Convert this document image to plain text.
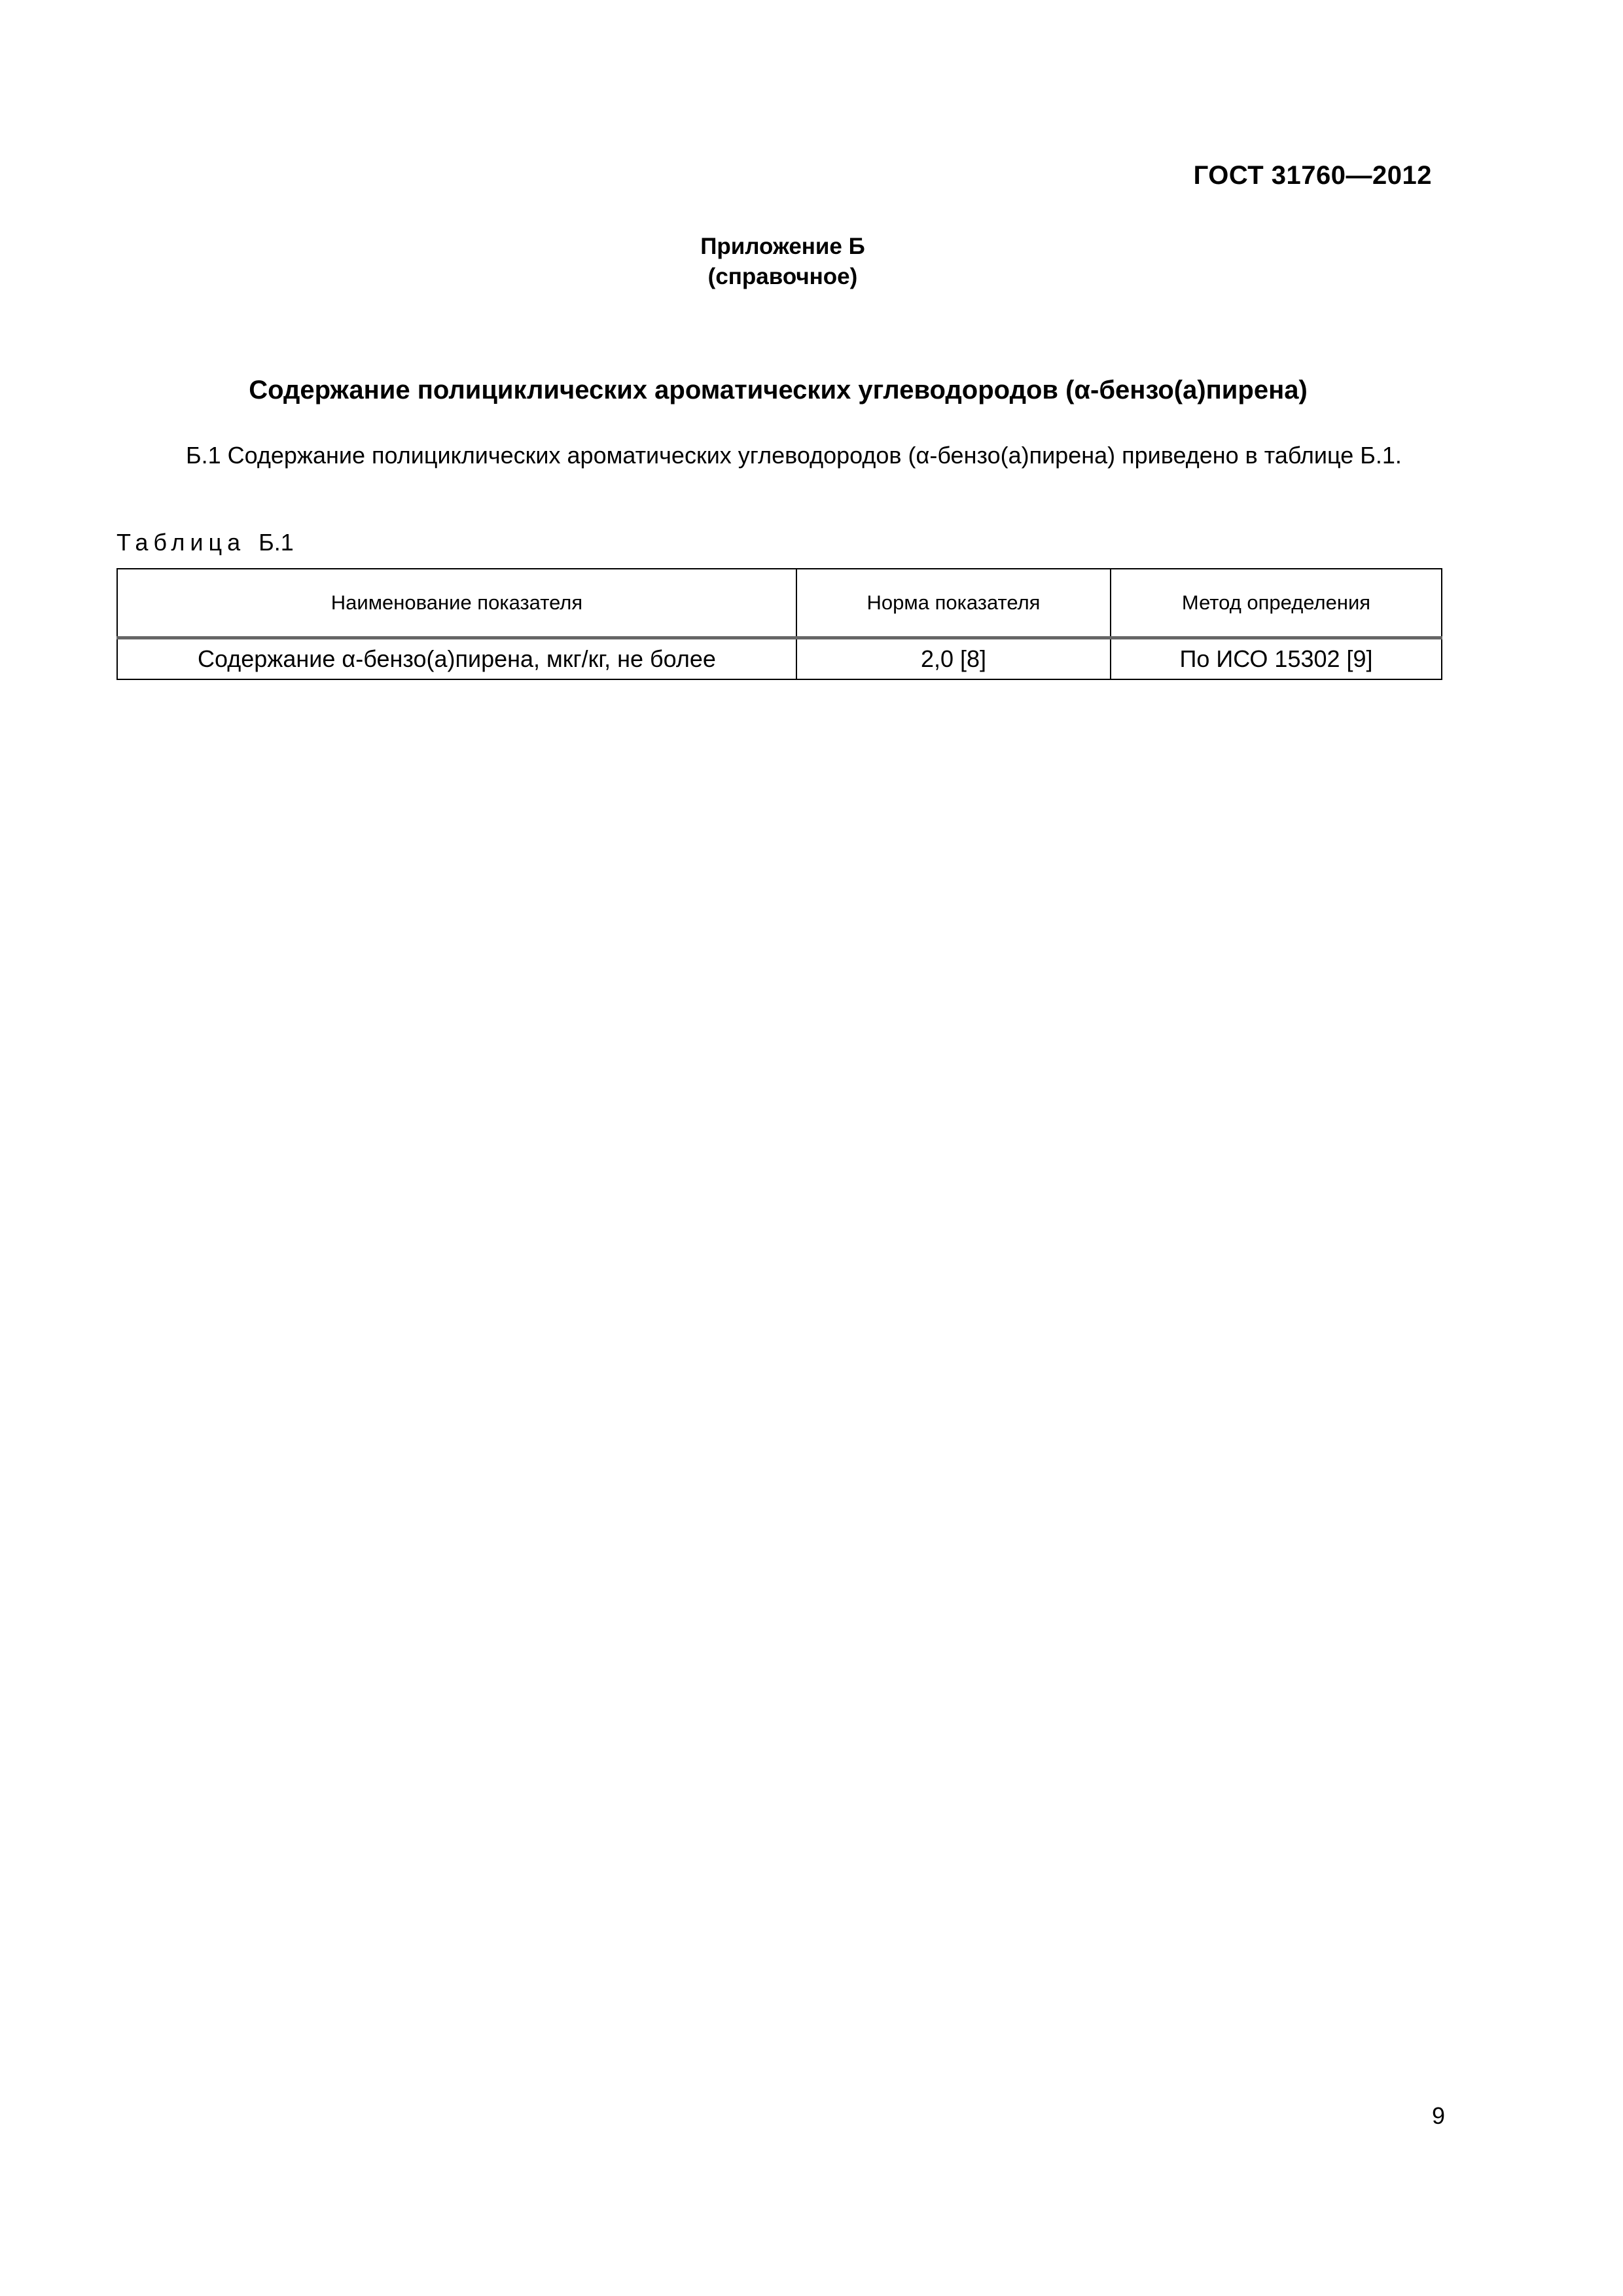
ГОСТ 31760—2012

Приложение Б
(справочное)
Содержание полициклических ароматических углеводородов (α-бензо(а)пирена)

Б.1 Содержание полициклических ароматических углеводородов (α-бензо(а)пирена) приведено в таблице Б.1.

Таблица Б.1

Наименование показателя	Норма показателя	Метод определения
Содержание α-бензо(а)пирена, мкг/кг, не более	2,0 [8]	По ИСО 15302 [9]

9
